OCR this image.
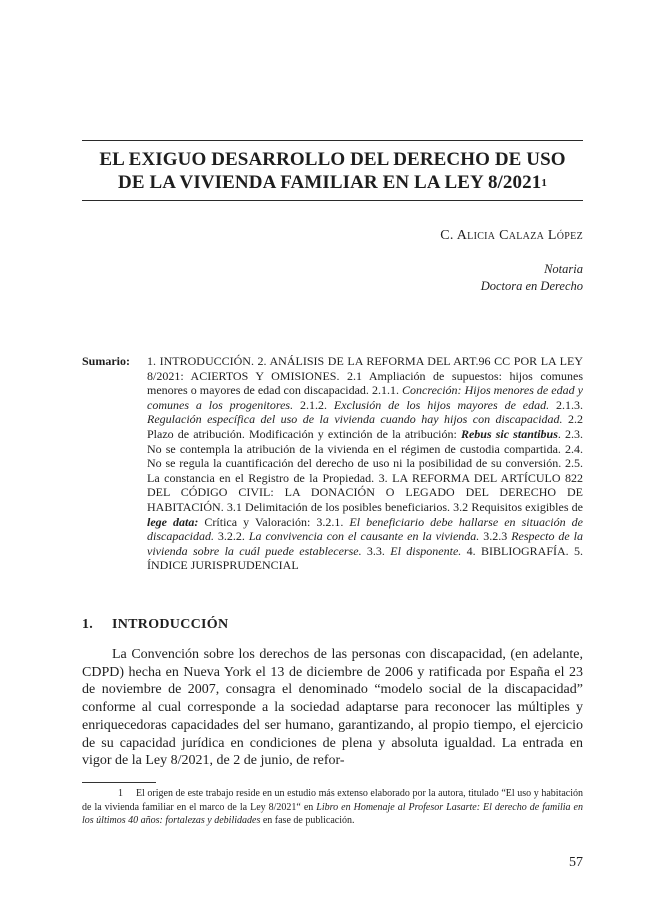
EL EXIGUO DESARROLLO DEL DERECHO DE USO
DE LA VIVIENDA FAMILIAR EN LA LEY 8/2021$^1$
C. Alicia Calaza López
Notaria
Doctora en Derecho
Sumario: 1. INTRODUCCIÓN. 2. ANÁLISIS DE LA REFORMA DEL ART.96 CC POR LA LEY 8/2021: ACIERTOS Y OMISIONES. 2.1 Ampliación de supuestos: hijos comunes menores o mayores de edad con discapacidad. 2.1.1. Concreción: Hijos menores de edad y comunes a los progenitores. 2.1.2. Exclusión de los hijos mayores de edad. 2.1.3. Regulación específica del uso de la vivienda cuando hay hijos con discapacidad. 2.2 Plazo de atribución. Modificación y extinción de la atribución: Rebus sic stantibus. 2.3. No se contempla la atribución de la vivienda en el régimen de custodia compartida. 2.4. No se regula la cuantificación del derecho de uso ni la posibilidad de su conversión. 2.5. La constancia en el Registro de la Propiedad. 3. LA REFORMA DEL ARTÍCULO 822 DEL CÓDIGO CIVIL: LA DONACIÓN O LEGADO DEL DERECHO DE HABITACIÓN. 3.1 Delimitación de los posibles beneficiarios. 3.2 Requisitos exigibles de lege data: Crítica y Valoración: 3.2.1. El beneficiario debe hallarse en situación de discapacidad. 3.2.2. La convivencia con el causante en la vivienda. 3.2.3 Respecto de la vivienda sobre la cuál puede establecerse. 3.3. El disponente. 4. BIBLIOGRAFÍA. 5. ÍNDICE JURISPRUDENCIAL
1. INTRODUCCIÓN
La Convención sobre los derechos de las personas con discapacidad, (en adelante, CDPD) hecha en Nueva York el 13 de diciembre de 2006 y ratificada por España el 23 de noviembre de 2007, consagra el denominado “modelo social de la discapacidad” conforme al cual corresponde a la sociedad adaptarse para reconocer las múltiples y enriquecedoras capacidades del ser humano, garantizando, al propio tiempo, el ejercicio de su capacidad jurídica en condiciones de plena y absoluta igualdad. La entrada en vigor de la Ley 8/2021, de 2 de junio, de refor-
1 El origen de este trabajo reside en un estudio más extenso elaborado por la autora, titulado “El uso y habitación de la vivienda familiar en el marco de la Ley 8/2021“ en Libro en Homenaje al Profesor Lasarte: El derecho de familia en los últimos 40 años: fortalezas y debilidades en fase de publicación.
57
